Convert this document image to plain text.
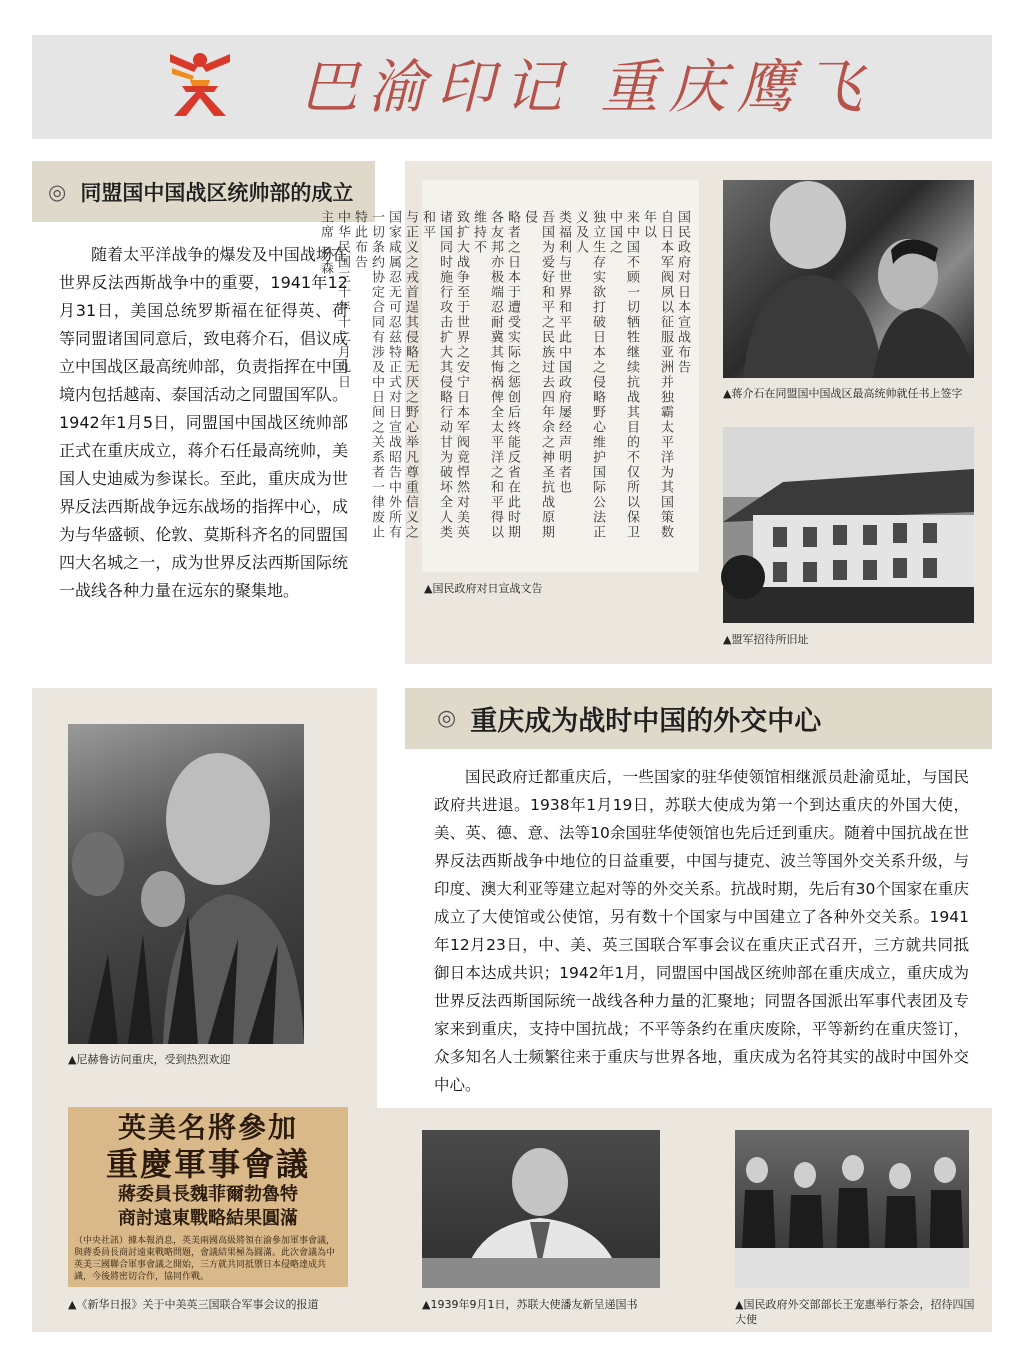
巴渝印记 重庆鹰飞
◎ 同盟国中国战区统帅部的成立
随着太平洋战争的爆发及中国战场在世界反法西斯战争中的重要，1941年12月31日，美国总统罗斯福在征得英、荷等同盟诸国同意后，致电蒋介石，倡议成立中国战区最高统帅部，负责指挥在中国境内包括越南、泰国活动之同盟国军队。1942年1月5日，同盟国中国战区统帅部正式在重庆成立，蒋介石任最高统帅，美国人史迪威为参谋长。至此，重庆成为世界反法西斯战争远东战场的指挥中心，成为与华盛顿、伦敦、莫斯科齐名的同盟国四大名城之一，成为世界反法西斯国际统一战线各种力量在远东的聚集地。
国民政府对日本宣战布告
自日本军阀夙以征服亚洲并独霸太平洋为其国策数年以
来中国不顾一切牺牲继续抗战其目的不仅所以保卫中国之
独立生存实欲打破日本之侵略野心维护国际公法正义及人
类福利与世界和平此中国政府屡经声明者也
吾国为爱好和平之民族过去四年余之神圣抗战原期侵
略者之日本于遭受实际之惩创后终能反省在此时期
各友邦亦极端忍耐冀其悔祸俾全太平洋之和平得以维持不
致扩大战争至于世界之安宁日本军阀竟悍然对美英
诸国同时施行攻击扩大其侵略行动甘为破坏全人类和平
与正义之戎首逞其侵略无厌之野心举凡尊重信义之
国家咸属忍无可忍兹特正式对日宣战昭告中外所有
一切条约协定合同有涉及中日间之关系者一律废止特此布告
中华民国三十年十二月九日
主席 林森
▲国民政府对日宣战文告
▲蒋介石在同盟国中国战区最高统帅就任书上签字
▲盟军招待所旧址
◎ 重庆成为战时中国的外交中心
国民政府迁都重庆后，一些国家的驻华使领馆相继派员赴渝觅址，与国民政府共进退。1938年1月19日，苏联大使成为第一个到达重庆的外国大使，美、英、德、意、法等10余国驻华使领馆也先后迁到重庆。随着中国抗战在世界反法西斯战争中地位的日益重要，中国与捷克、波兰等国外交关系升级，与印度、澳大利亚等建立起对等的外交关系。抗战时期，先后有30个国家在重庆成立了大使馆或公使馆，另有数十个国家与中国建立了各种外交关系。1941年12月23日，中、美、英三国联合军事会议在重庆正式召开，三方就共同抵御日本达成共识；1942年1月，同盟国中国战区统帅部在重庆成立，重庆成为世界反法西斯国际统一战线各种力量的汇聚地；同盟各国派出军事代表团及专家来到重庆，支持中国抗战；不平等条约在重庆废除，平等新约在重庆签订，众多知名人士频繁往来于重庆与世界各地，重庆成为名符其实的战时中国外交中心。
▲尼赫鲁访问重庆，受到热烈欢迎
英美名將參加
重慶軍事會議
蔣委員長魏菲爾勃魯特
商討遠東戰略結果圓滿
（中央社訊）據本報消息，英美兩國高級將領在渝參加軍事會議，與蔣委員長商討遠東戰略問題，會議結果極為圓滿。此次會議為中英美三國聯合軍事會議之開始，三方就共同抵禦日本侵略達成共識，今後將密切合作，協同作戰。
▲《新华日报》关于中美英三国联合军事会议的报道	▲1939年9月1日，苏联大使潘友新呈递国书	▲国民政府外交部部长王宠惠举行茶会，招待四国大使
